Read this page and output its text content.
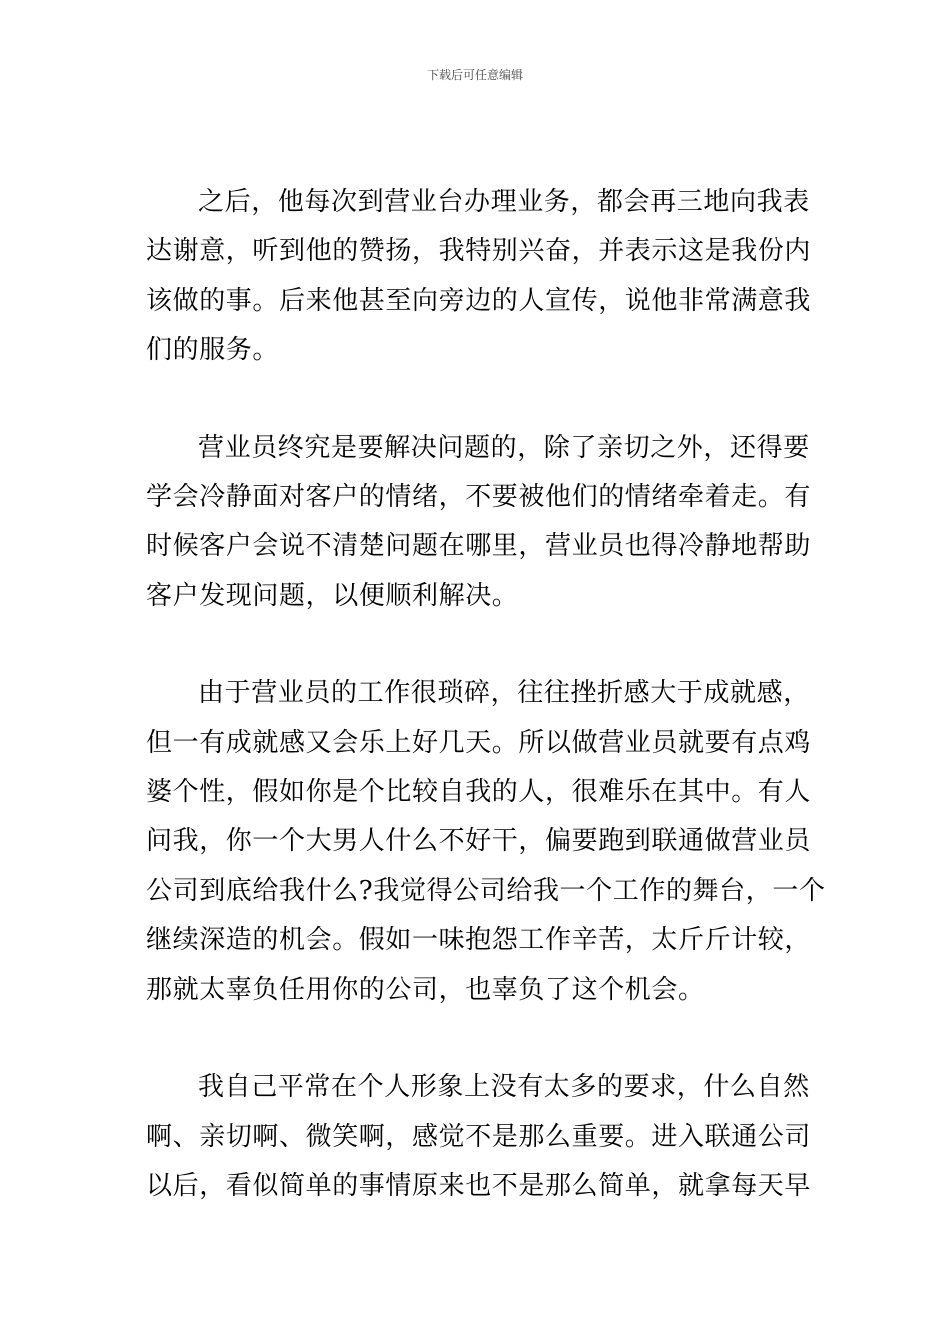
下载后可任意编辑

之后，他每次到营业台办理业务，都会再三地向我表
达谢意，听到他的赞扬，我特别兴奋，并表示这是我份内
该做的事。后来他甚至向旁边的人宣传，说他非常满意我
们的服务。

营业员终究是要解决问题的，除了亲切之外，还得要
学会冷静面对客户的情绪，不要被他们的情绪牵着走。有
时候客户会说不清楚问题在哪里，营业员也得冷静地帮助
客户发现问题，以便顺利解决。

由于营业员的工作很琐碎，往往挫折感大于成就感，
但一有成就感又会乐上好几天。所以做营业员就要有点鸡
婆个性，假如你是个比较自我的人，很难乐在其中。有人
问我，你一个大男人什么不好干，偏要跑到联通做营业员
公司到底给我什么?我觉得公司给我一个工作的舞台，一个
继续深造的机会。假如一味抱怨工作辛苦，太斤斤计较，
那就太辜负任用你的公司，也辜负了这个机会。

我自己平常在个人形象上没有太多的要求，什么自然
啊、亲切啊、微笑啊，感觉不是那么重要。进入联通公司
以后，看似简单的事情原来也不是那么简单，就拿每天早
